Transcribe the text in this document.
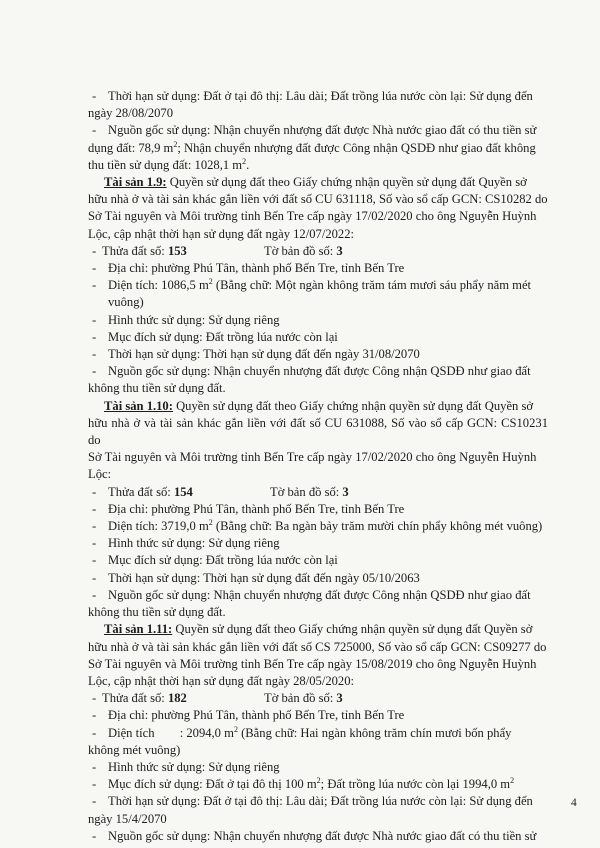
- Thời hạn sử dụng: Đất ở tại đô thị: Lâu dài; Đất trồng lúa nước còn lại: Sử dụng đến
ngày 28/08/2070
- Nguồn gốc sử dụng: Nhận chuyển nhượng đất được Nhà nước giao đất có thu tiền sử
dụng đất: 78,9 $m^2$; Nhận chuyển nhượng đất được Công nhận QSDĐ như giao đất không
thu tiền sử dụng đất: 1028,1 $m^2$.

Tài sản 1.9: Quyền sử dụng đất theo Giấy chứng nhận quyền sử dụng đất Quyền sở

hữu nhà ở và tài sản khác gắn liền với đất số CU 631118, Số vào sổ cấp GCN: CS10282 do
Sở Tài nguyên và Môi trường tỉnh Bến Tre cấp ngày 17/02/2020 cho ông Nguyễn Huỳnh
Lộc, cập nhật thời hạn sử dụng đất ngày 12/07/2022:
- Thửa đất số: 153	Tờ bản đồ số: 3
- Địa chỉ: phường Phú Tân, thành phố Bến Tre, tỉnh Bến Tre
- Diện tích: 1086,5 $m^2$ (Bằng chữ: Một ngàn không trăm tám mươi sáu phẩy năm mét
vuông)
- Hình thức sử dụng: Sử dụng riêng
- Mục đích sử dụng: Đất trồng lúa nước còn lại
- Thời hạn sử dụng: Thời hạn sử dụng đất đến ngày 31/08/2070
- Nguồn gốc sử dụng: Nhận chuyển nhượng đất được Công nhận QSDĐ như giao đất
không thu tiền sử dụng đất.

Tài sản 1.10: Quyền sử dụng đất theo Giấy chứng nhận quyền sử dụng đất Quyền sở

hữu nhà ở và tài sản khác gắn liền với đất số CU 631088, Số vào sổ cấp GCN: CS10231 do
Sở Tài nguyên và Môi trường tỉnh Bến Tre cấp ngày 17/02/2020 cho ông Nguyễn Huỳnh
Lộc:
- Thửa đất số: 154	Tờ bản đồ số: 3
- Địa chỉ: phường Phú Tân, thành phố Bến Tre, tỉnh Bến Tre
- Diện tích: 3719,0 $m^2$ (Bằng chữ: Ba ngàn bảy trăm mười chín phẩy không mét vuông)
- Hình thức sử dụng: Sử dụng riêng
- Mục đích sử dụng: Đất trồng lúa nước còn lại
- Thời hạn sử dụng: Thời hạn sử dụng đất đến ngày 05/10/2063
- Nguồn gốc sử dụng: Nhận chuyển nhượng đất được Công nhận QSDĐ như giao đất
không thu tiền sử dụng đất.

Tài sản 1.11: Quyền sử dụng đất theo Giấy chứng nhận quyền sử dụng đất Quyền sở

hữu nhà ở và tài sản khác gắn liền với đất số CS 725000, Số vào sổ cấp GCN: CS09277 do
Sở Tài nguyên và Môi trường tỉnh Bến Tre cấp ngày 15/08/2019 cho ông Nguyễn Huỳnh
Lộc, cập nhật thời hạn sử dụng đất ngày 28/05/2020:
- Thửa đất số: 182	Tờ bản đồ số: 3
- Địa chỉ: phường Phú Tân, thành phố Bến Tre, tỉnh Bến Tre
- Diện tích        : 2094,0 $m^2$ (Bằng chữ: Hai ngàn không trăm chín mươi bốn phẩy
không mét vuông)
- Hình thức sử dụng: Sử dụng riêng
- Mục đích sử dụng: Đất ở tại đô thị 100 $m^2$; Đất trồng lúa nước còn lại 1994,0 $m^2$
- Thời hạn sử dụng: Đất ở tại đô thị: Lâu dài; Đất trồng lúa nước còn lại: Sử dụng đến
ngày 15/4/2070
- Nguồn gốc sử dụng: Nhận chuyển nhượng đất được Nhà nước giao đất có thu tiền sử
4
